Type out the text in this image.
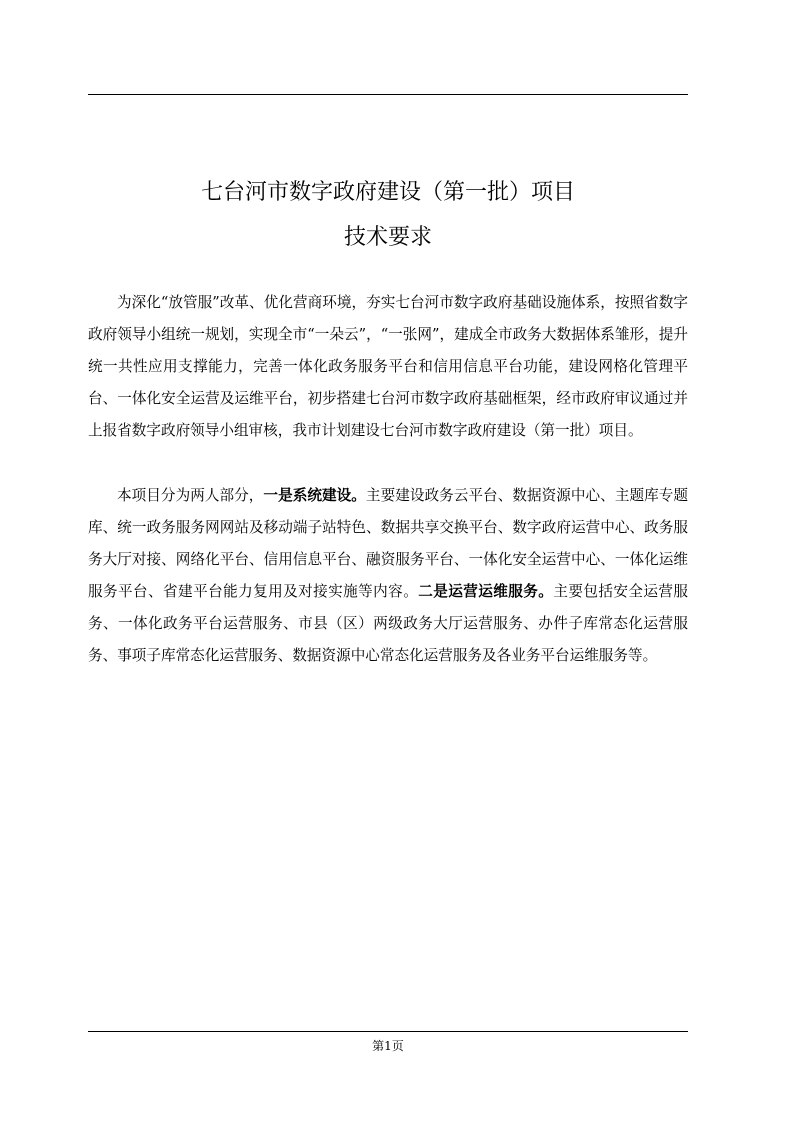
七台河市数字政府建设（第一批）项目
技术要求

为深化“放管服”改革、优化营商环境，夯实七台河市数字政府基础设施体系，按照省数字政府领导小组统一规划，实现全市“一朵云”，“一张网”，建成全市政务大数据体系雏形，提升统一共性应用支撑能力，完善一体化政务服务平台和信用信息平台功能，建设网格化管理平台、一体化安全运营及运维平台，初步搭建七台河市数字政府基础框架，经市政府审议通过并上报省数字政府领导小组审核，我市计划建设七台河市数字政府建设（第一批）项目。

本项目分为两人部分，一是系统建设。主要建设政务云平台、数据资源中心、主题库专题库、统一政务服务网网站及移动端子站特色、数据共享交换平台、数字政府运营中心、政务服务大厅对接、网络化平台、信用信息平台、融资服务平台、一体化安全运营中心、一体化运维服务平台、省建平台能力复用及对接实施等内容。二是运营运维服务。主要包括安全运营服务、一体化政务平台运营服务、市县（区）两级政务大厅运营服务、办件子库常态化运营服务、事项子库常态化运营服务、数据资源中心常态化运营服务及各业务平台运维服务等。

第1页
